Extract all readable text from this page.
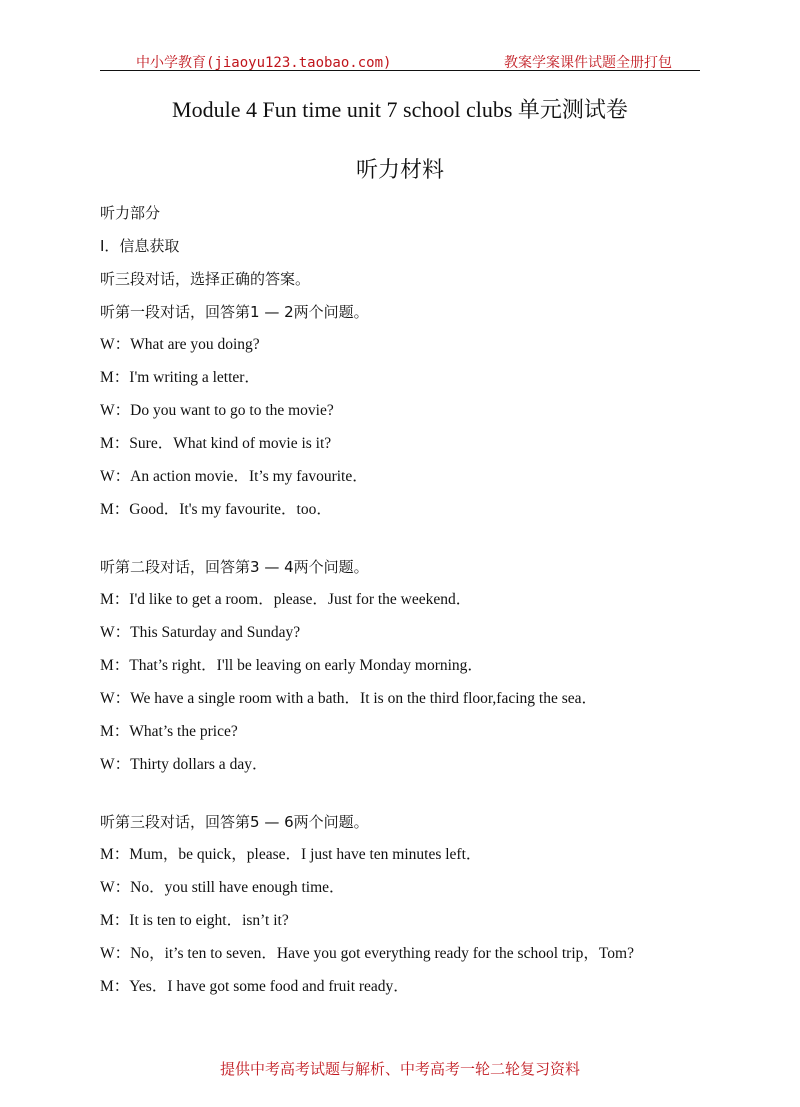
中小学教育(jiaoyu123.taobao.com)	教案学案课件试题全册打包
Module 4 Fun time unit 7 school clubs 单元测试卷
听力材料
听力部分
I．信息获取
听三段对话，选择正确的答案。
听第一段对话，回答第1 — 2两个问题。
W：What are you doing?
M：I'm writing a letter．
W：Do you want to go to the movie?
M：Sure．What kind of movie is it?
W：An action movie．It’s my favourite．
M：Good．It's my favourite．too．
听第二段对话，回答第3 — 4两个问题。
M：I'd like to get a room．please．Just for the weekend．
W：This Saturday and Sunday?
M：That’s right．I'll be leaving on early Monday morning．
W：We have a single room with a bath．It is on the third floor,facing the sea．
M：What’s the price?
W：Thirty dollars a day．
听第三段对话，回答第5 — 6两个问题。
M：Mum，be quick，please．I just have ten minutes left．
W：No．you still have enough time．
M：It is ten to eight．isn’t it?
W：No，it’s ten to seven．Have you got everything ready for the school trip，Tom?
M：Yes．I have got some food and fruit ready．
提供中考高考试题与解析、中考高考一轮二轮复习资料
